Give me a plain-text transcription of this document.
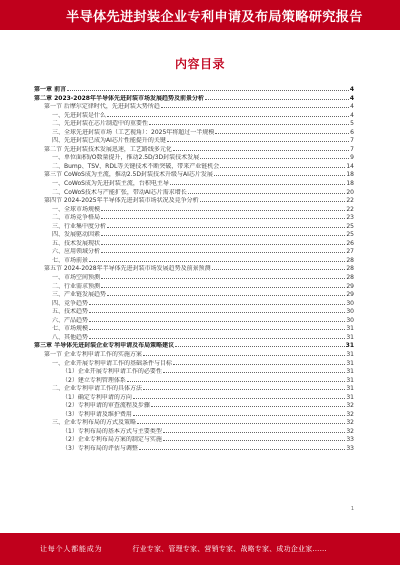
半导体先进封装企业专利申请及布局策略研究报告
内容目录
第一章 前言	4
第二章 2023-2028年半导体先进封装市场发展趋势及前景分析	4
第一节 后摩尔定律时代，先进封装大势所趋	4
一、先进封装是什么	4
二、先进封装在芯片制造中的重要性	5
三、全球先进封装市场（工艺视角）：2025年将超过一半规模	6
四、先进封装已成为AI芯片性能提升的关键	7
第二节 先进封装技术发展迅速，工艺路线多元化	7
一、单位面积I/O数量提升，推动2.5D/3D封装技术发展	9
二、Bump、TSV、RDL等关键技术不断突破，带来产业链机会	14
第三节 CoWoS成为主流，推动2.5D封装技术升级与AI芯片发展	18
一、CoWoS成为先进封装主流，台积电主导	18
二、CoWoS技术与产能扩张，带动AI芯片需求增长	20
第四节 2024-2025年半导体先进封装市场状况及竞争分析	22
一、全球市场规模	22
二、市场竞争格局	23
三、行业集中度分析	25
四、发展驱动因素	25
五、技术发展现状	26
六、应用领域分析	27
七、市场前景	28
第五节 2024-2028年半导体先进封装市场发展趋势及前景预测	28
一、市场空间预测	28
二、行业需求预测	29
三、产业链发展趋势	29
四、竞争趋势	30
五、技术趋势	30
六、产品趋势	30
七、市场规模	31
八、其他趋势	31
第三章 半导体先进封装企业专利申请及布局策略建议	31
第一节 企业专利申请工作的实施方案	31
一、企业开展专利申请工作的基础条件与目标	31
（1）企业开展专利申请工作的必要性	31
（2）建立专利管理体系	31
二、企业专利申请工作的具体方法	31
（1）确定专利申请的方向	31
（2）专利申请的审查流程及步骤	32
（3）专利申请及维护费用	32
三、企业专利布局的方式及策略	32
（1）专利布局的基本方式与主要类型	32
（2）企业专利布局方案的制定与实施	33
（3）专利布局的评估与调整	33
1
让每个人都能成为	行业专家、管理专家、营销专家、战略专家、成功企业家……
